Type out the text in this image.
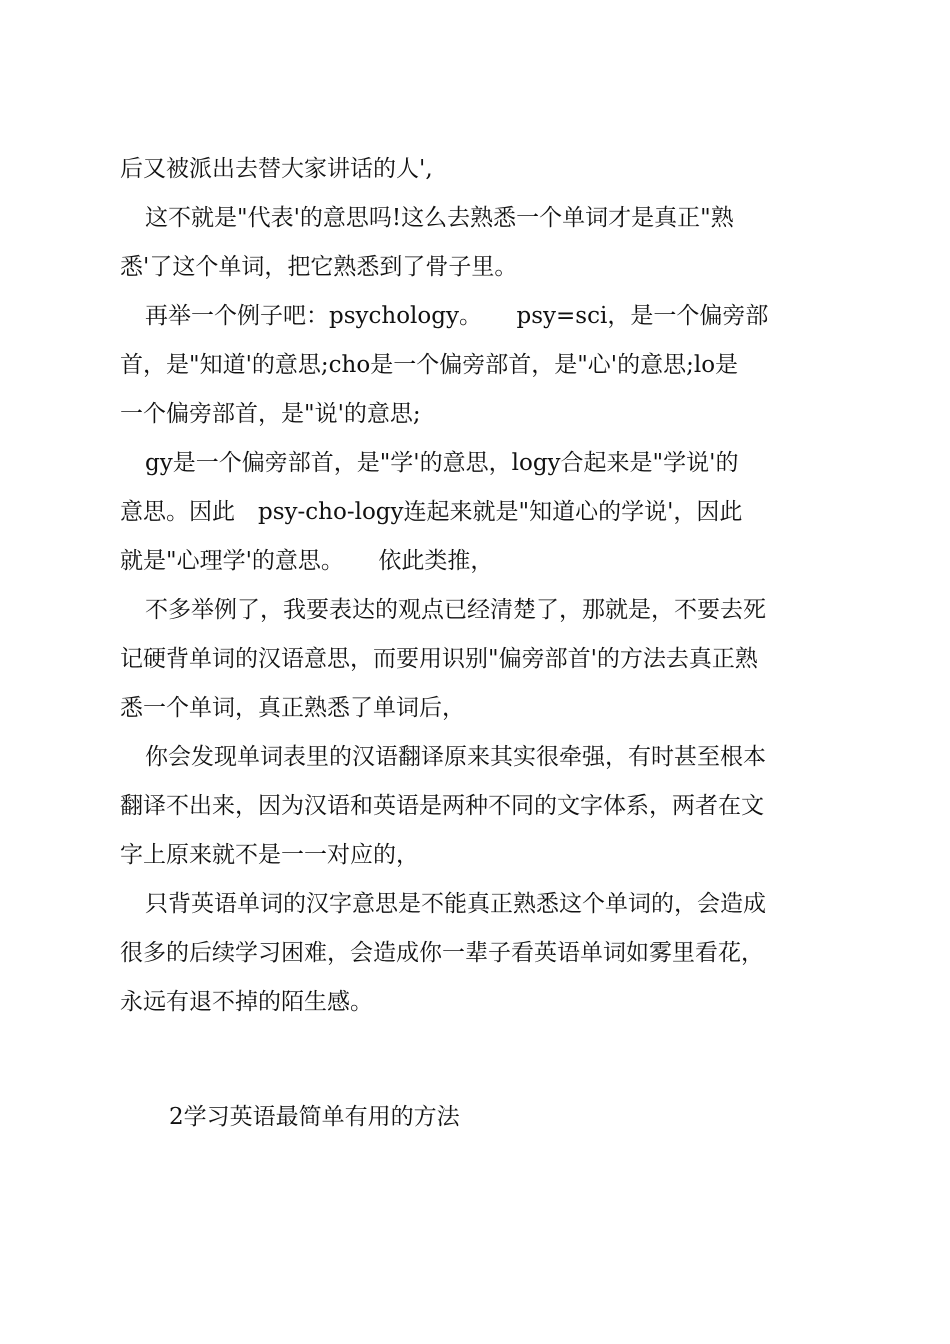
后又被派出去替大家讲话的人',
这不就是"代表'的意思吗!这么去熟悉一个单词才是真正"熟
悉'了这个单词，把它熟悉到了骨子里。
再举一个例子吧：psychology。　　psy=sci，是一个偏旁部
首，是"知道'的意思;cho是一个偏旁部首，是"心'的意思;lo是
一个偏旁部首，是"说'的意思;
gy是一个偏旁部首，是"学'的意思，logy合起来是"学说'的
意思。因此　psy-cho-logy连起来就是"知道心的学说'，因此
就是"心理学'的意思。　　依此类推，
不多举例了，我要表达的观点已经清楚了，那就是，不要去死
记硬背单词的汉语意思，而要用识别"偏旁部首'的方法去真正熟
悉一个单词，真正熟悉了单词后，
你会发现单词表里的汉语翻译原来其实很牵强，有时甚至根本
翻译不出来，因为汉语和英语是两种不同的文字体系，两者在文
字上原来就不是一一对应的，
只背英语单词的汉字意思是不能真正熟悉这个单词的，会造成
很多的后续学习困难，会造成你一辈子看英语单词如雾里看花，
永远有退不掉的陌生感。
2学习英语最简单有用的方法
